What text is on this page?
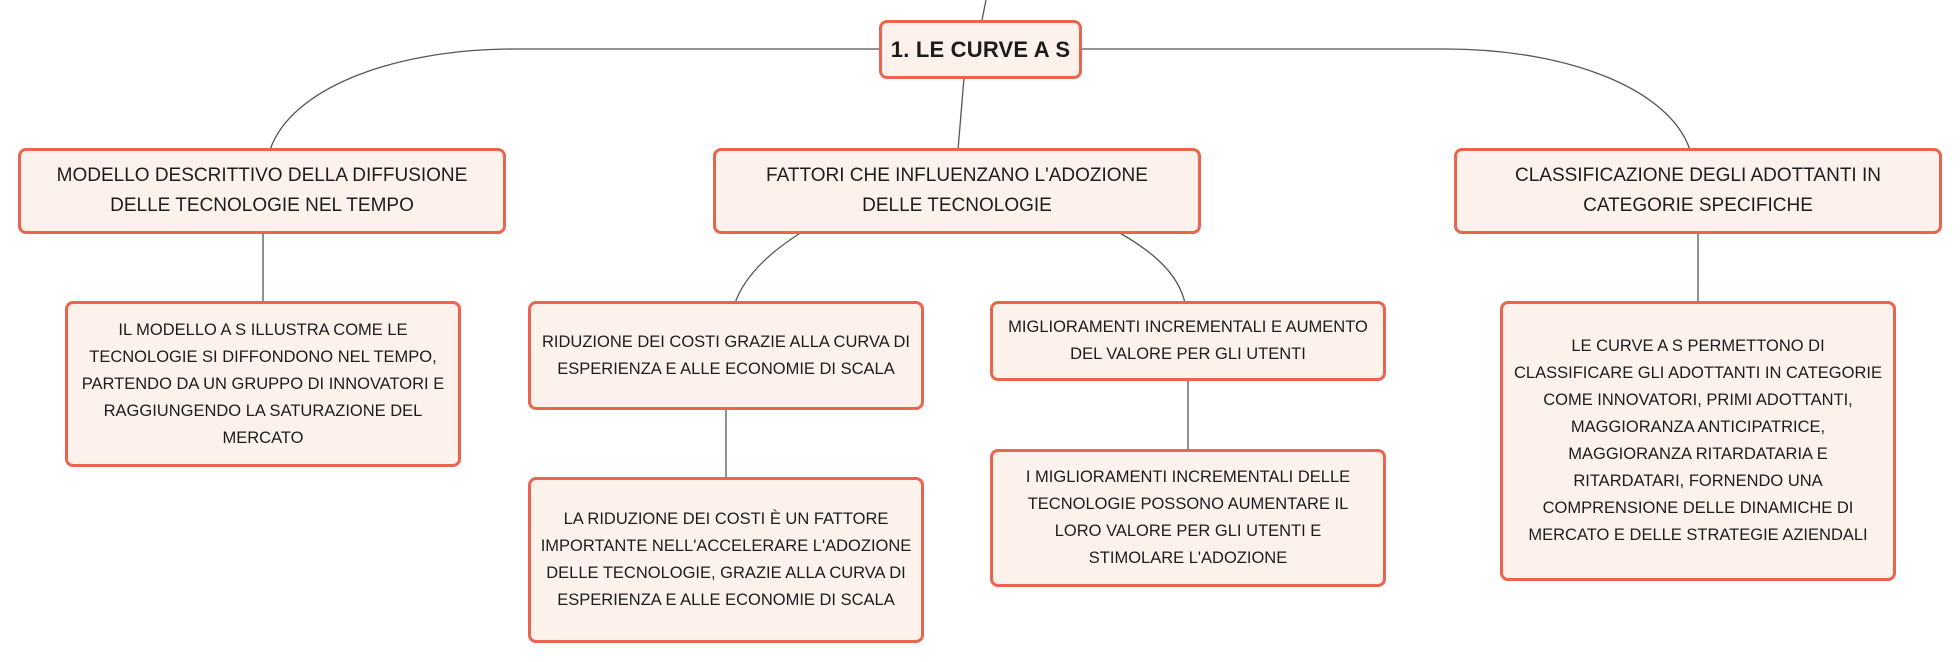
1. LE CURVE A S
MODELLO DESCRITTIVO DELLA DIFFUSIONE DELLE TECNOLOGIE NEL TEMPO
FATTORI CHE INFLUENZANO L'ADOZIONE DELLE TECNOLOGIE
CLASSIFICAZIONE DEGLI ADOTTANTI IN CATEGORIE SPECIFICHE
IL MODELLO A S ILLUSTRA COME LE TECNOLOGIE SI DIFFONDONO NEL TEMPO, PARTENDO DA UN GRUPPO DI INNOVATORI E RAGGIUNGENDO LA SATURAZIONE DEL MERCATO
RIDUZIONE DEI COSTI GRAZIE ALLA CURVA DI ESPERIENZA E ALLE ECONOMIE DI SCALA
MIGLIORAMENTI INCREMENTALI E AUMENTO DEL VALORE PER GLI UTENTI	LE CURVE A S PERMETTONO DI CLASSIFICARE GLI ADOTTANTI IN CATEGORIE COME INNOVATORI, PRIMI ADOTTANTI, MAGGIORANZA ANTICIPATRICE, MAGGIORANZA RITARDATARIA E RITARDATARI, FORNENDO UNA COMPRENSIONE DELLE DINAMICHE DI MERCATO E DELLE STRATEGIE AZIENDALI
LA RIDUZIONE DEI COSTI È UN FATTORE IMPORTANTE NELL'ACCELERARE L'ADOZIONE DELLE TECNOLOGIE, GRAZIE ALLA CURVA DI ESPERIENZA E ALLE ECONOMIE DI SCALA
I MIGLIORAMENTI INCREMENTALI DELLE TECNOLOGIE POSSONO AUMENTARE IL LORO VALORE PER GLI UTENTI E STIMOLARE L'ADOZIONE
